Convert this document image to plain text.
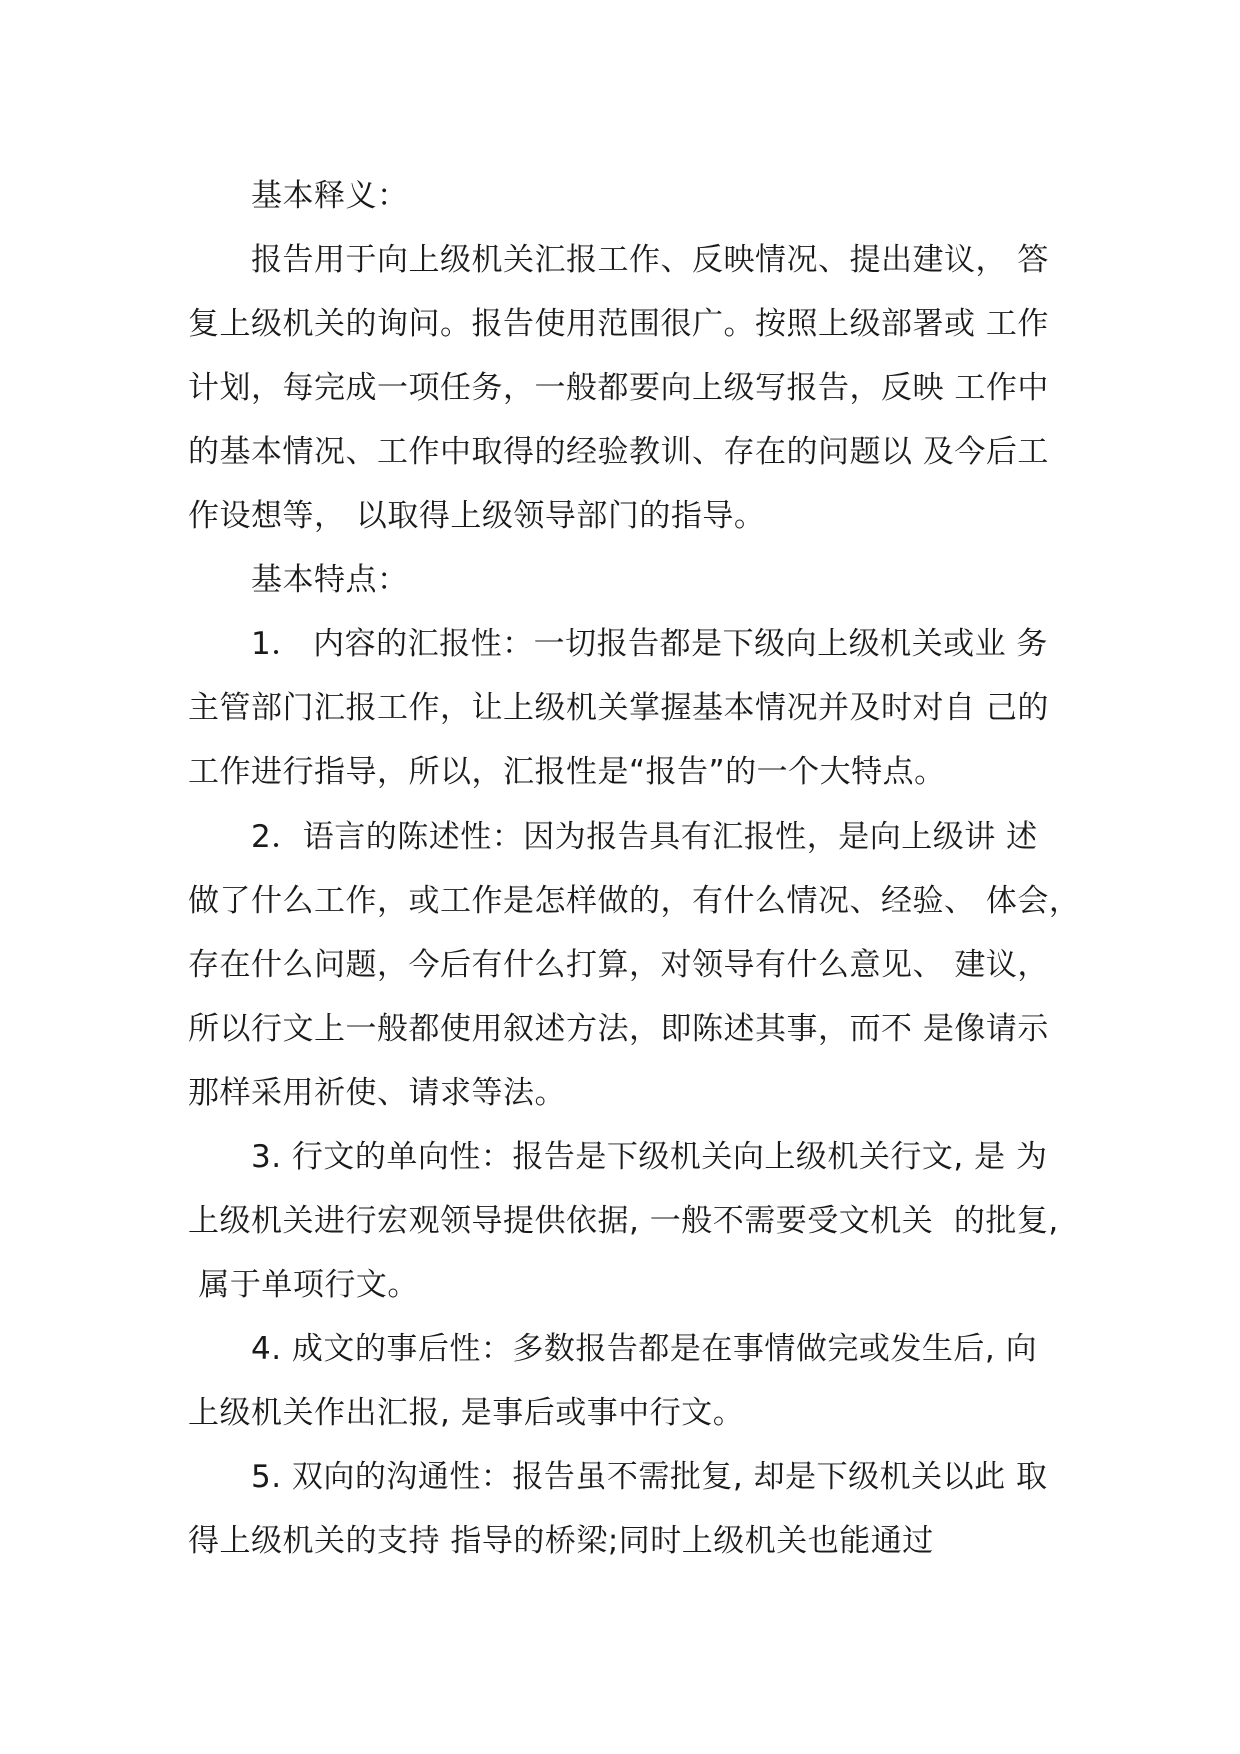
基本释义：
报告用于向上级机关汇报工作、反映情况、提出建议， 答
复上级机关的询问。报告使用范围很广。按照上级部署或 工作
计划，每完成一项任务，一般都要向上级写报告，反映 工作中
的基本情况、工作中取得的经验教训、存在的问题以 及今后工
作设想等， 以取得上级领导部门的指导。
基本特点：
1． 内容的汇报性：一切报告都是下级向上级机关或业 务
主管部门汇报工作，让上级机关掌握基本情况并及时对自 己的
工作进行指导，所以，汇报性是“报告”的一个大特点。
2．语言的陈述性：因为报告具有汇报性，是向上级讲 述
做了什么工作，或工作是怎样做的，有什么情况、经验、 体会，
存在什么问题，今后有什么打算，对领导有什么意见、 建议，
所以行文上一般都使用叙述方法，即陈述其事，而不 是像请示
那样采用祈使、请求等法。
3. 行文的单向性：报告是下级机关向上级机关行文, 是 为
上级机关进行宏观领导提供依据, 一般不需要受文机关  的批复,
属于单项行文。
4. 成文的事后性：多数报告都是在事情做完或发生后, 向
上级机关作出汇报, 是事后或事中行文。
5. 双向的沟通性：报告虽不需批复, 却是下级机关以此 取
得上级机关的支持 指导的桥梁;同时上级机关也能通过
